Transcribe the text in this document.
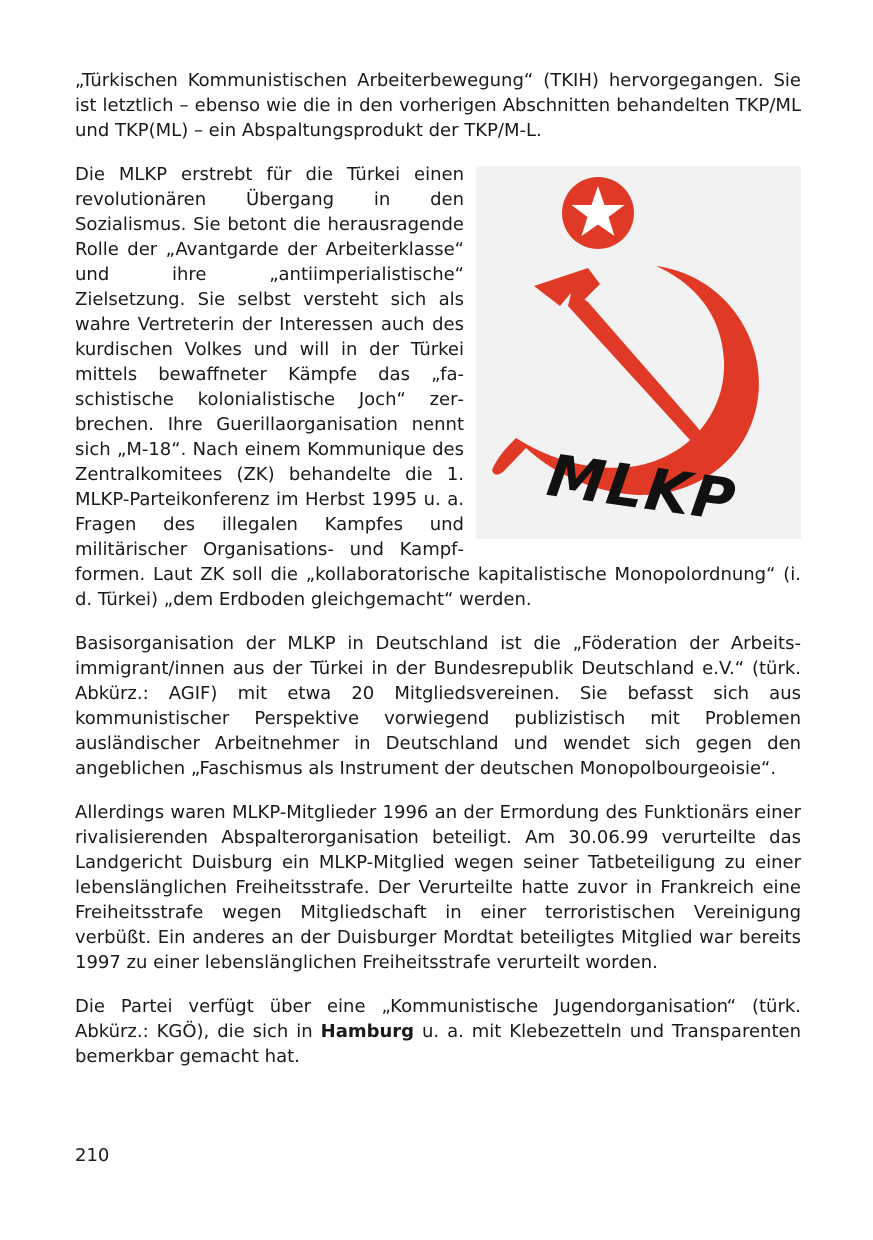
„Türkischen Kommunistischen Arbeiterbewegung“ (TKIH) hervorgegangen. Sie ist letztlich – ebenso wie die in den vorherigen Abschnitten behandelten TKP/ML und TKP(ML) – ein Abspaltungsprodukt der TKP/M-L.

MLKP

Die MLKP erstrebt für die Türkei einen revolutionären Übergang in den Sozialismus. Sie betont die herausragende Rolle der „Avantgarde der Arbeiterklasse“ und ihre „antiimperialistische“ Zielsetzung. Sie selbst versteht sich als wahre Vertreterin der Interessen auch des kurdischen Volkes und will in der Türkei mittels bewaffneter Kämpfe das „faschistische kolonialistische Joch“ zerbrechen. Ihre Guerillaorganisation nennt sich „M-18“. Nach einem Kommunique des Zentralkomitees (ZK) behandelte die 1. MLKP-Parteikonferenz im Herbst 1995 u. a. Fragen des illegalen Kampfes und militärischer Organisations- und Kampfformen. Laut ZK soll die „kollaboratorische kapitalistische Monopolordnung“ (i. d. Türkei) „dem Erdboden gleichgemacht“ werden.

Basisorganisation der MLKP in Deutschland ist die „Föderation der Arbeitsimmigrant/innen aus der Türkei in der Bundesrepublik Deutschland e.V.“ (türk. Abkürz.: AGIF) mit etwa 20 Mitgliedsvereinen. Sie befasst sich aus kommunistischer Perspektive vorwiegend publizistisch mit Problemen ausländischer Arbeitnehmer in Deutschland und wendet sich gegen den angeblichen „Faschismus als Instrument der deutschen Monopolbourgeoisie“.

Allerdings waren MLKP-Mitglieder 1996 an der Ermordung des Funktionärs einer rivalisierenden Abspalterorganisation beteiligt. Am 30.06.99 verurteilte das Landgericht Duisburg ein MLKP-Mitglied wegen seiner Tatbeteiligung zu einer lebenslänglichen Freiheitsstrafe. Der Verurteilte hatte zuvor in Frankreich eine Freiheitsstrafe wegen Mitgliedschaft in einer terroristischen Vereinigung verbüßt. Ein anderes an der Duisburger Mordtat beteiligtes Mitglied war bereits 1997 zu einer lebenslänglichen Freiheitsstrafe verurteilt worden.

Die Partei verfügt über eine „Kommunistische Jugendorganisation“ (türk. Abkürz.: KGÖ), die sich in Hamburg u. a. mit Klebezetteln und Transparenten bemerkbar gemacht hat.

210
